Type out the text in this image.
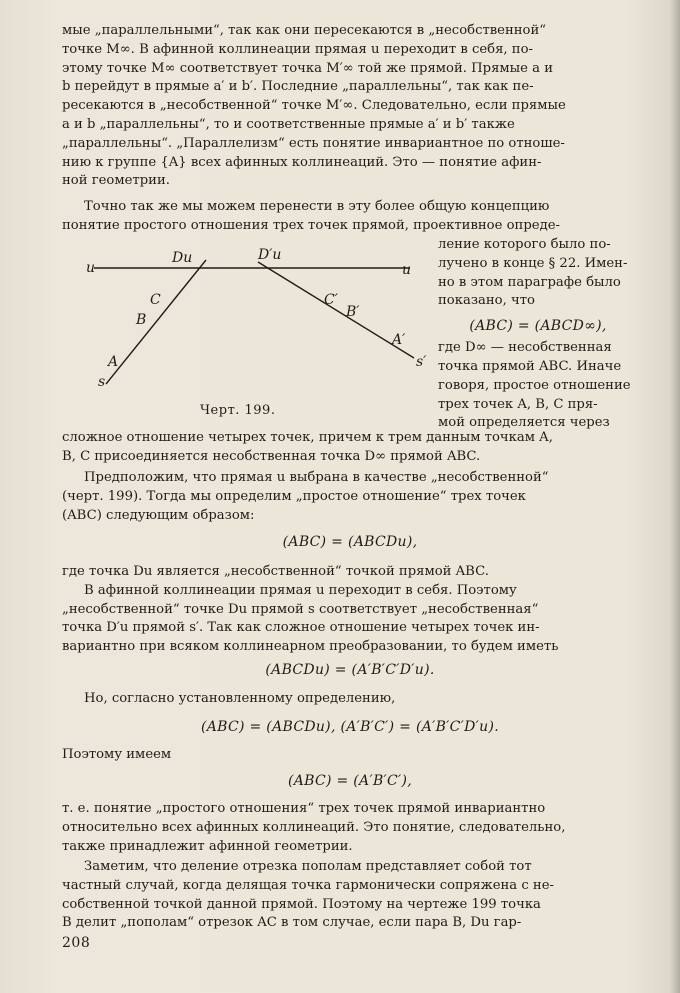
мые „параллельными“, так как они пересекаются в „несобственной“

точке M∞. В афинной коллинеации прямая u переходит в себя, по-

этому точке M∞ соответствует точка M′∞ той же прямой. Прямые a и

b перейдут в прямые a′ и b′. Последние „параллельны“, так как пе-

ресекаются в „несобственной“ точке M′∞. Следовательно, если прямые

a и b „параллельны“, то и соответственные прямые a′ и b′ также

„параллельны“. „Параллелизм“ есть понятие инвариантное по отноше-

нию к группе {A} всех афинных коллинеаций. Это — понятие афин-

ной геометрии.

Точно так же мы можем перенести в эту более общую концепцию

понятие простого отношения трех точек прямой, проективное опреде-

ление которого было по-

лучено в конце § 22. Имен-

но в этом параграфе было

показано, что

(ABC) = (ABCD∞),

где D∞ — несобственная

точка прямой ABC. Иначе

говоря, простое отношение

трех точек A, B, C пря-

мой определяется через

u	u
Du	D′u
C
B
A
s
C′
B′
A′
s′
Черт. 199.

сложное отношение четырех точек, причем к трем данным точкам A,

B, C присоединяется несобственная точка D∞ прямой ABC.

Предположим, что прямая u выбрана в качестве „несобственной“

(черт. 199). Тогда мы определим „простое отношение“ трех точек

(ABC) следующим образом:

(ABC) = (ABCDu),

где точка Du является „несобственной“ точкой прямой ABC.

В афинной коллинеации прямая u переходит в себя. Поэтому

„несобственной“ точке Du прямой s соответствует „несобственная“

точка D′u прямой s′. Так как сложное отношение четырех точек ин-

вариантно при всяком коллинеарном преобразовании, то будем иметь

(ABCDu) = (A′B′C′D′u).

Но, согласно установленному определению,

(ABC) = (ABCDu), (A′B′C′) = (A′B′C′D′u).

Поэтому имеем

(ABC) = (A′B′C′),

т. е. понятие „простого отношения“ трех точек прямой инвариантно

относительно всех афинных коллинеаций. Это понятие, следовательно,

также принадлежит афинной геометрии.

Заметим, что деление отрезка пополам представляет собой тот

частный случай, когда делящая точка гармонически сопряжена с не-

собственной точкой данной прямой. Поэтому на чертеже 199 точка

B делит „пополам“ отрезок AC в том случае, если пара B, Du гар-

208
